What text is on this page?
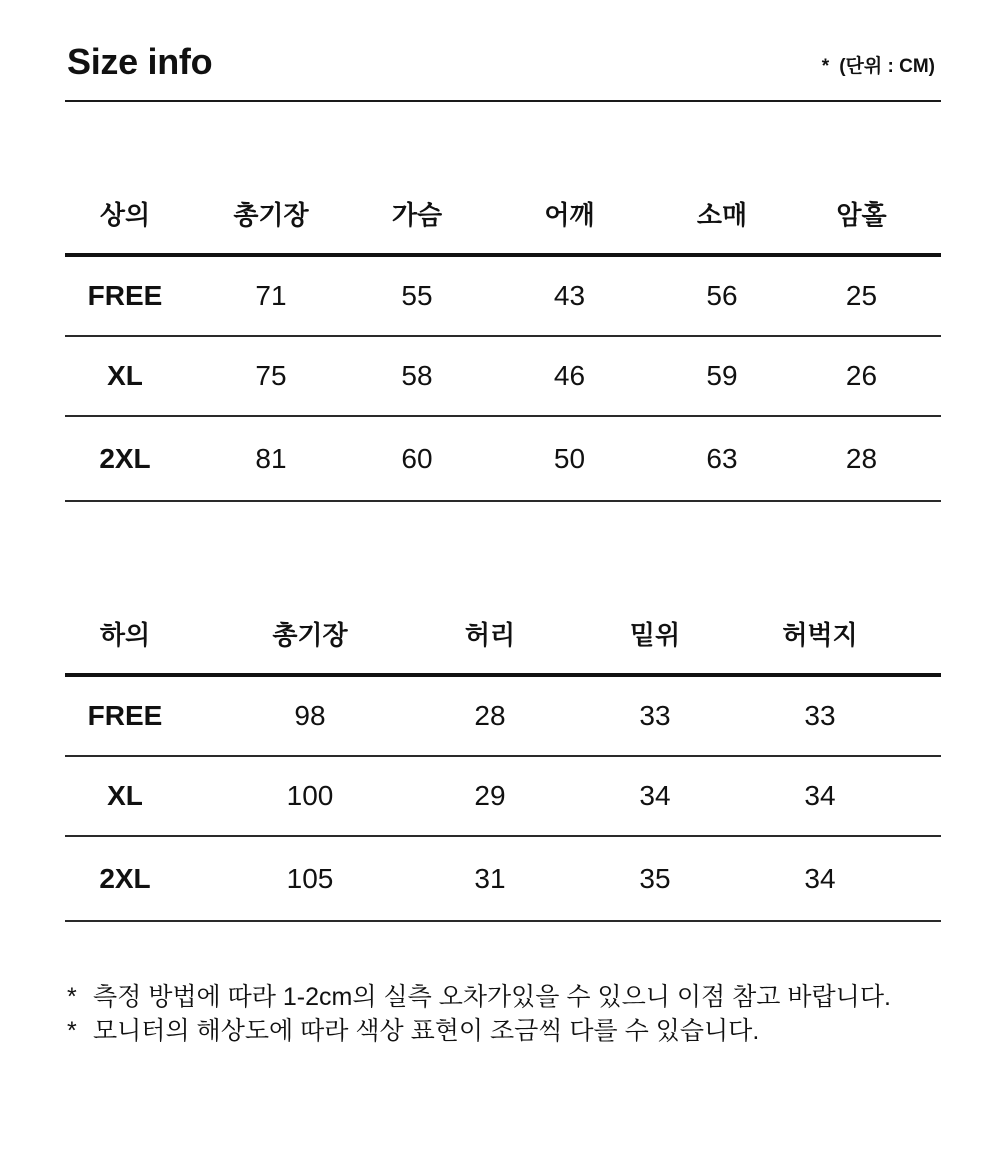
Size info	* (단위 : CM)
상의	총기장	가슴	어깨	소매	암홀
FREE	71	55	43	56	25
XL	75	58	46	59	26
2XL	81	60	50	63	28
하의	총기장	허리	밑위	허벅지	
FREE	98	28	33	33	
XL	100	29	34	34	
2XL	105	31	35	34	
* 측정 방법에 따라 1-2cm의 실측 오차가있을 수 있으니 이점 참고 바랍니다.
* 모니터의 해상도에 따라 색상 표현이 조금씩 다를 수 있습니다.
